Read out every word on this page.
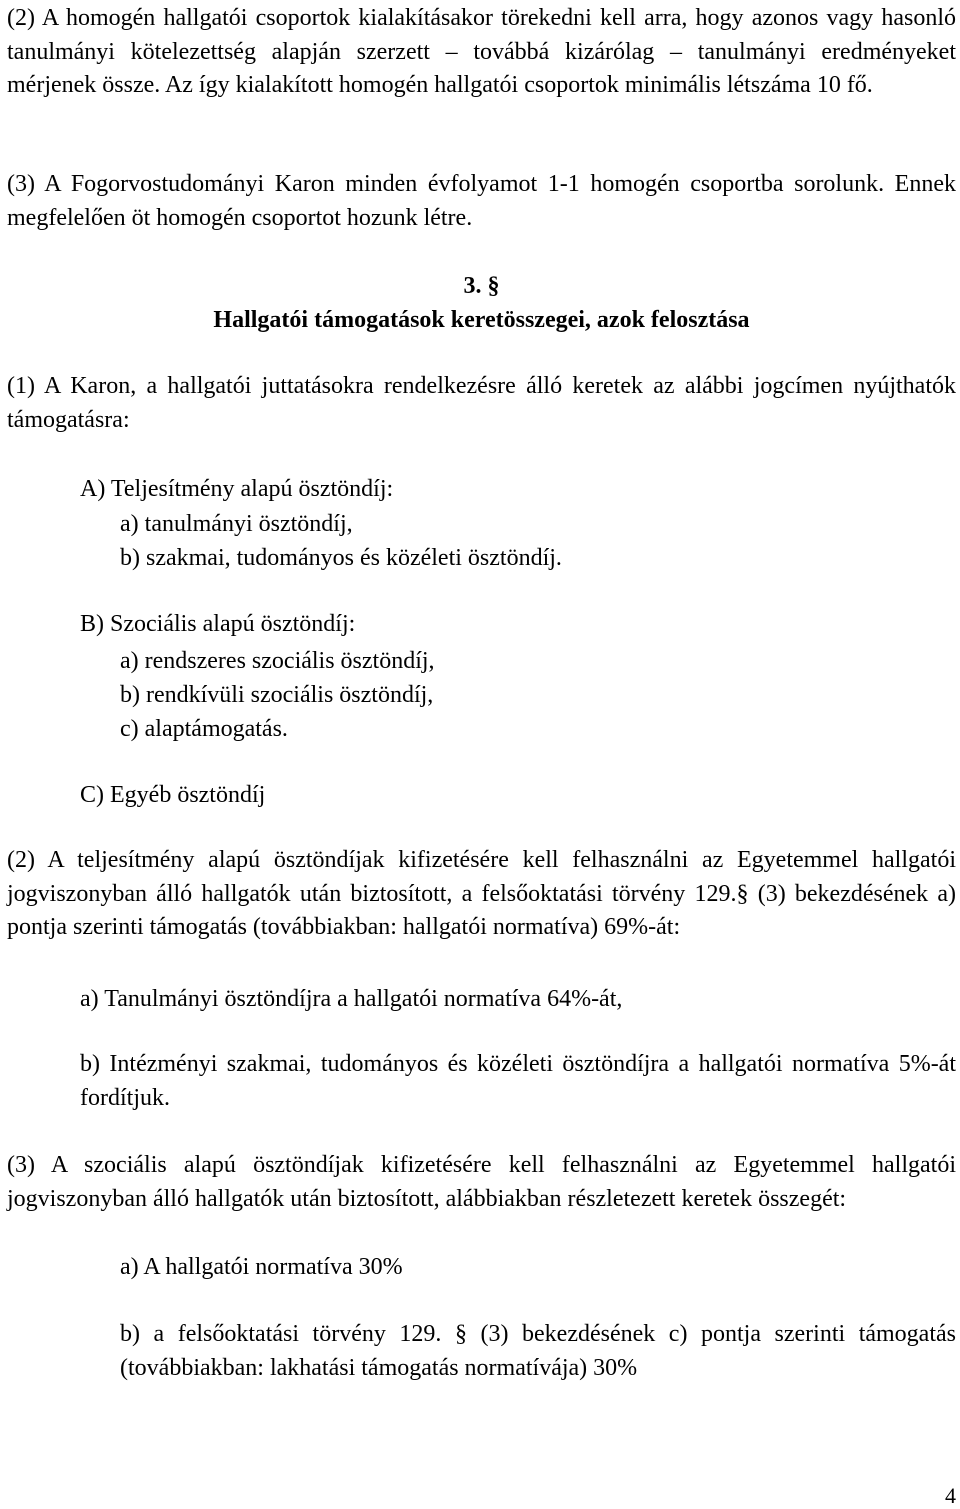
(2) A homogén hallgatói csoportok kialakításakor törekedni kell arra, hogy azonos vagy hasonló tanulmányi kötelezettség alapján szerzett – továbbá kizárólag – tanulmányi eredményeket mérjenek össze. Az így kialakított homogén hallgatói csoportok minimális létszáma 10 fő.
(3) A Fogorvostudományi Karon minden évfolyamot 1-1 homogén csoportba sorolunk. Ennek megfelelően öt homogén csoportot hozunk létre.
3. §
Hallgatói támogatások keretösszegei, azok felosztása
(1) A Karon, a hallgatói juttatásokra rendelkezésre álló keretek az alábbi jogcímen nyújthatók támogatásra:
A) Teljesítmény alapú ösztöndíj:
a) tanulmányi ösztöndíj,
b) szakmai, tudományos és közéleti ösztöndíj.
B) Szociális alapú ösztöndíj:
a) rendszeres szociális ösztöndíj,
b) rendkívüli szociális ösztöndíj,
c) alaptámogatás.
C) Egyéb ösztöndíj
(2) A teljesítmény alapú ösztöndíjak kifizetésére kell felhasználni az Egyetemmel hallgatói jogviszonyban álló hallgatók után biztosított, a felsőoktatási törvény 129.§ (3) bekezdésének a) pontja szerinti támogatás (továbbiakban: hallgatói normatíva) 69%-át:
a) Tanulmányi ösztöndíjra a hallgatói normatíva 64%-át,
b) Intézményi szakmai, tudományos és közéleti ösztöndíjra a hallgatói normatíva 5%-át fordítjuk.
(3) A szociális alapú ösztöndíjak kifizetésére kell felhasználni az Egyetemmel hallgatói jogviszonyban álló hallgatók után biztosított, alábbiakban részletezett keretek összegét:
a) A hallgatói normatíva 30%
b) a felsőoktatási törvény 129. § (3) bekezdésének c) pontja szerinti támogatás (továbbiakban: lakhatási támogatás normatívája) 30%
4
